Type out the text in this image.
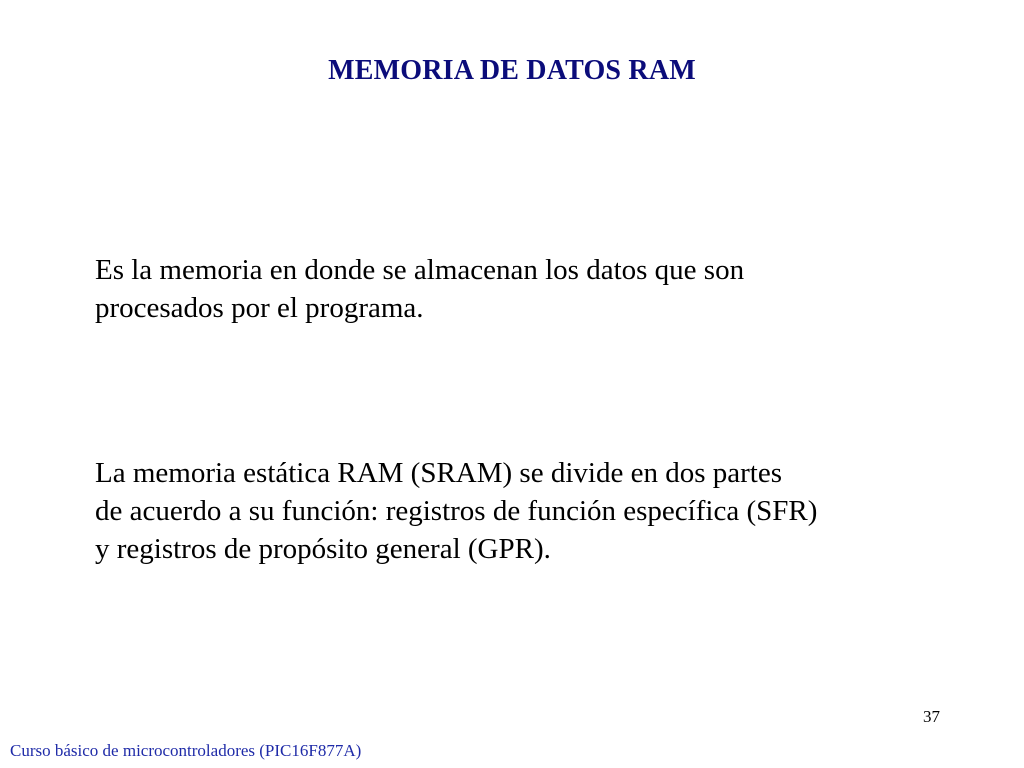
MEMORIA DE DATOS RAM
Es la memoria en donde se almacenan los datos que son
procesados por el programa.
La memoria estática RAM (SRAM) se divide en dos partes
de acuerdo a su función: registros de función específica (SFR)
y registros de propósito general (GPR).
37
Curso básico de microcontroladores (PIC16F877A)
